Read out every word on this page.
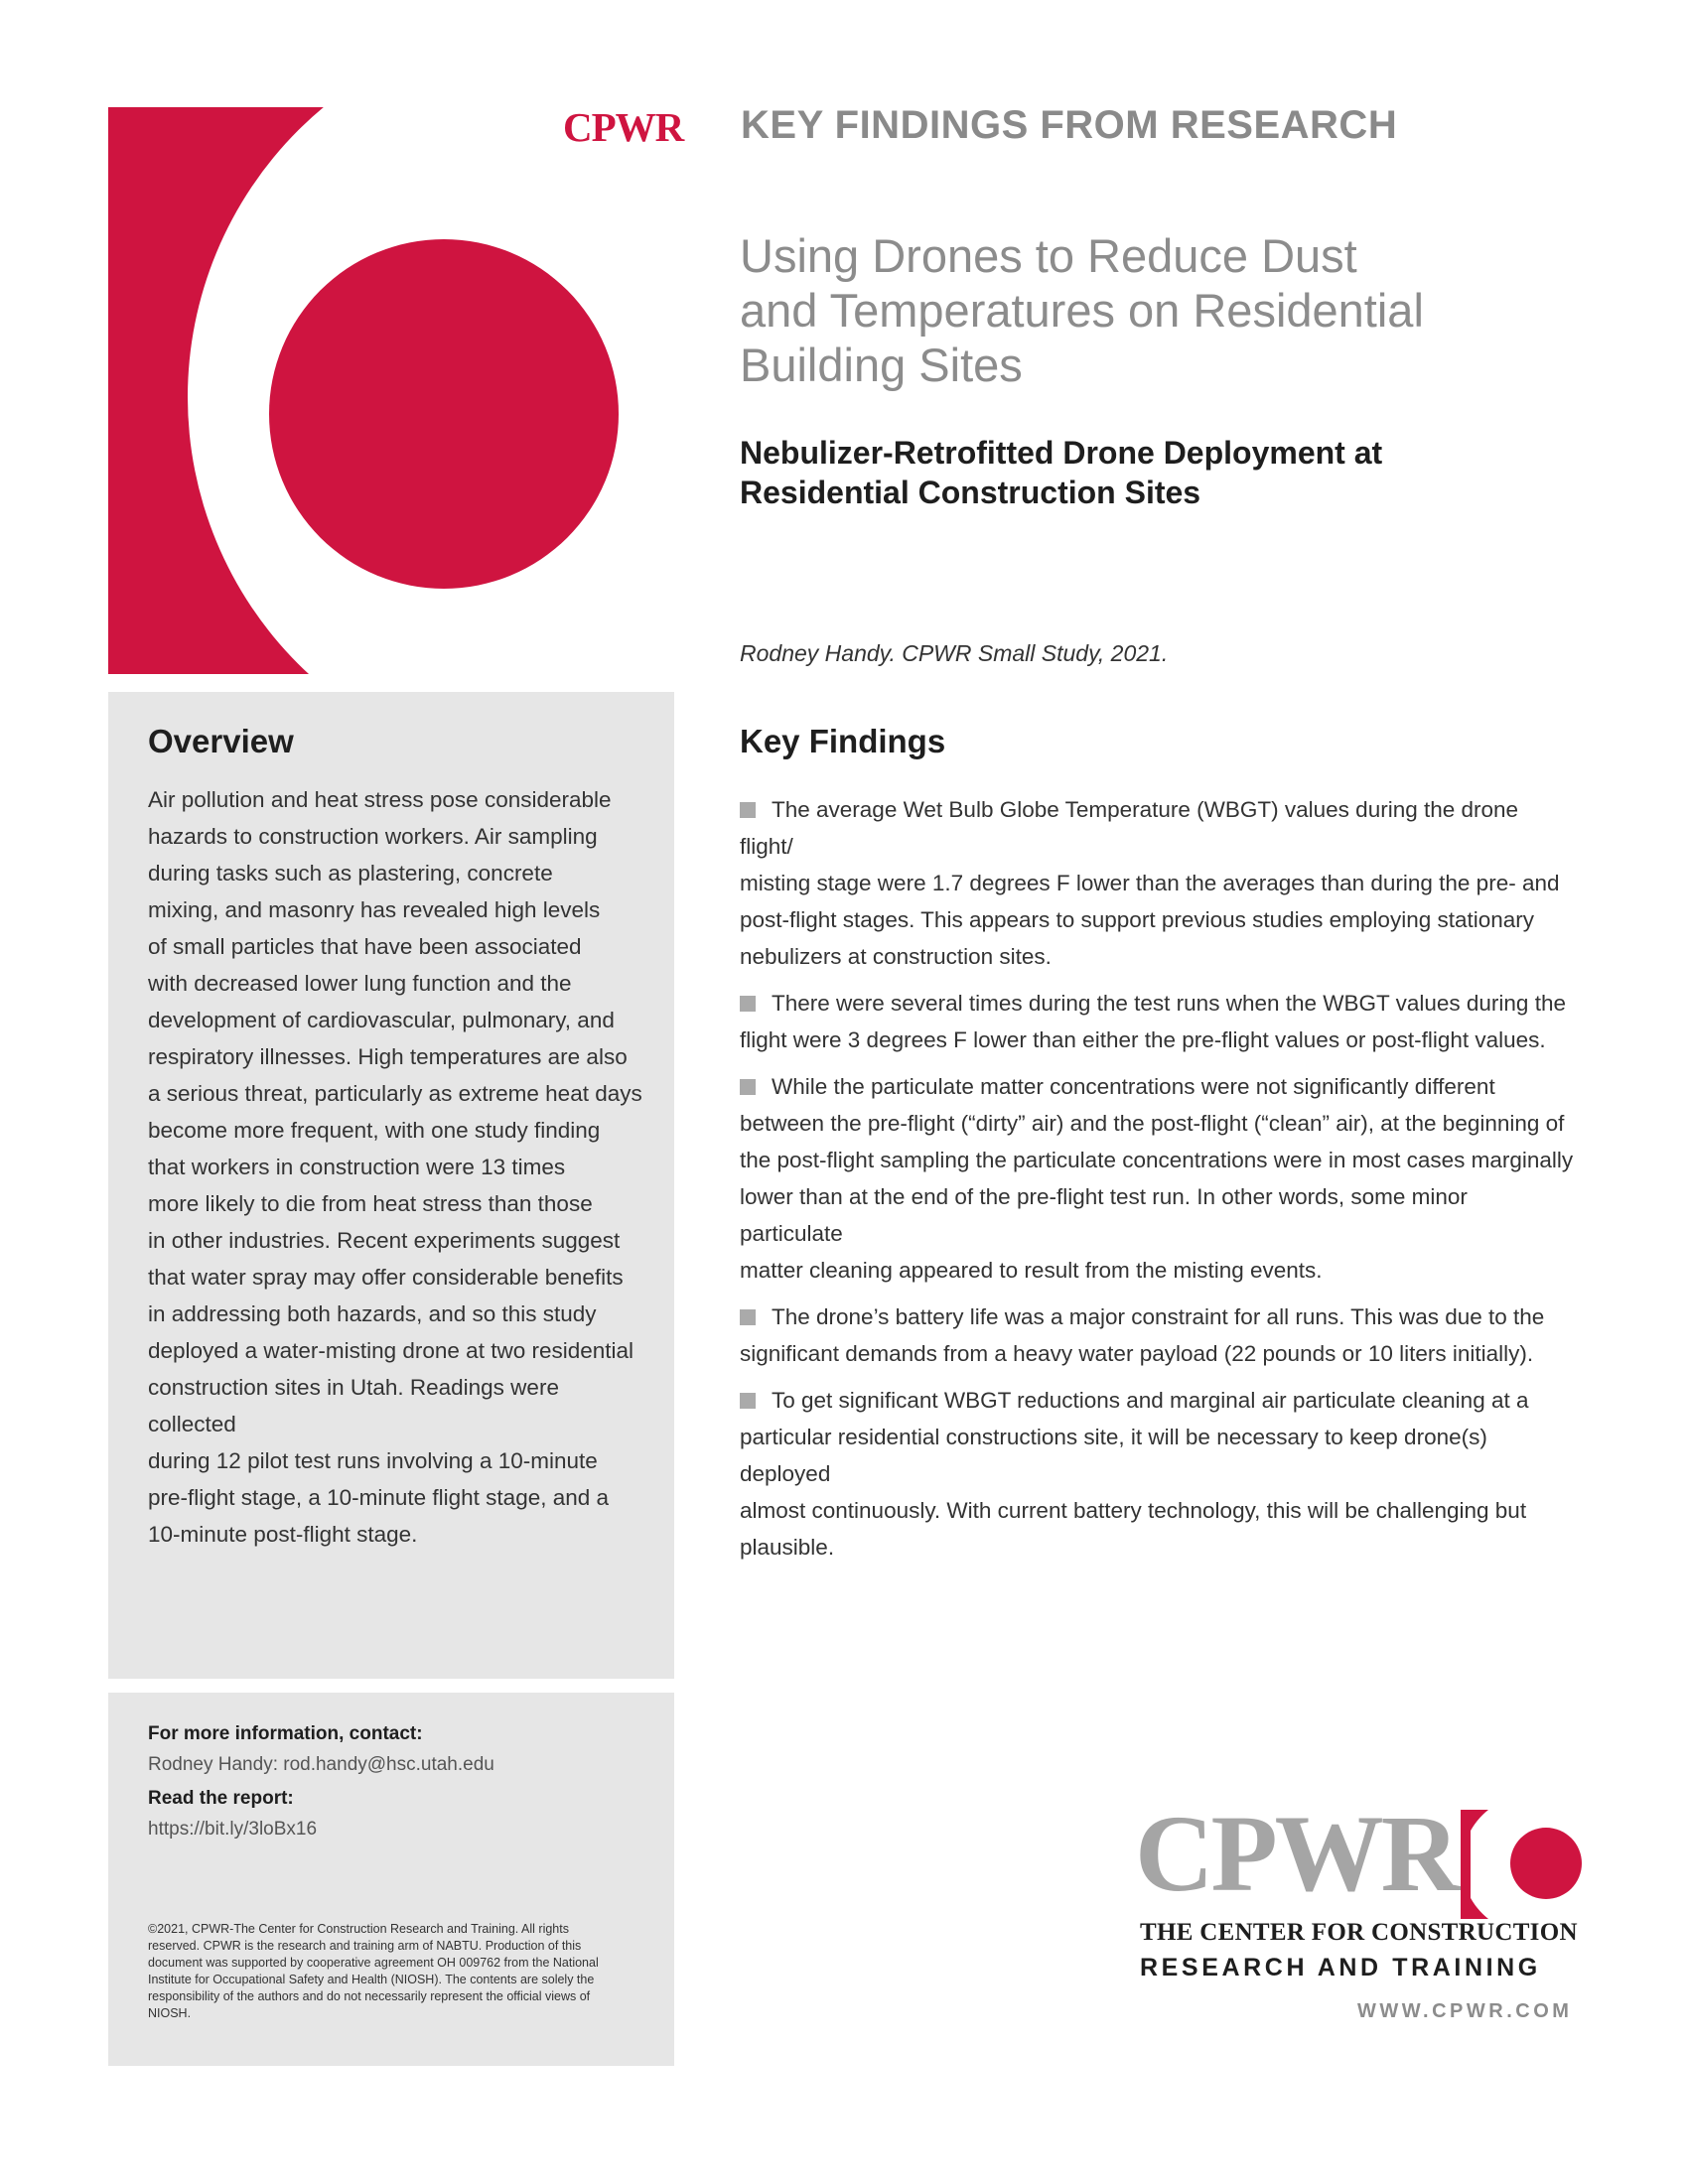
CPWR KEY FINDINGS FROM RESEARCH
Using Drones to Reduce Dust
and Temperatures on Residential
Building Sites
Nebulizer-Retrofitted Drone Deployment at
Residential Construction Sites
Rodney Handy. CPWR Small Study, 2021.
Overview
Air pollution and heat stress pose considerable
hazards to construction workers. Air sampling
during tasks such as plastering, concrete
mixing, and masonry has revealed high levels
of small particles that have been associated
with decreased lower lung function and the
development of cardiovascular, pulmonary, and
respiratory illnesses. High temperatures are also
a serious threat, particularly as extreme heat days
become more frequent, with one study finding
that workers in construction were 13 times
more likely to die from heat stress than those
in other industries. Recent experiments suggest
that water spray may offer considerable benefits
in addressing both hazards, and so this study
deployed a water-misting drone at two residential
construction sites in Utah. Readings were collected
during 12 pilot test runs involving a 10-minute
pre-flight stage, a 10-minute flight stage, and a
10-minute post-flight stage.
Key Findings
The average Wet Bulb Globe Temperature (WBGT) values during the drone flight/
misting stage were 1.7 degrees F lower than the averages than during the pre- and
post-flight stages. This appears to support previous studies employing stationary
nebulizers at construction sites.
There were several times during the test runs when the WBGT values during the
flight were 3 degrees F lower than either the pre-flight values or post-flight values.
While the particulate matter concentrations were not significantly different
between the pre-flight (“dirty” air) and the post-flight (“clean” air), at the beginning of
the post-flight sampling the particulate concentrations were in most cases marginally
lower than at the end of the pre-flight test run. In other words, some minor particulate
matter cleaning appeared to result from the misting events.
The drone’s battery life was a major constraint for all runs. This was due to the
significant demands from a heavy water payload (22 pounds or 10 liters initially).
To get significant WBGT reductions and marginal air particulate cleaning at a
particular residential constructions site, it will be necessary to keep drone(s) deployed
almost continuously. With current battery technology, this will be challenging but
plausible.
For more information, contact:
Rodney Handy: rod.handy@hsc.utah.edu
Read the report:
https://bit.ly/3loBx16
©2021, CPWR-The Center for Construction Research and Training. All rights
reserved. CPWR is the research and training arm of NABTU. Production of this
document was supported by cooperative agreement OH 009762 from the National
Institute for Occupational Safety and Health (NIOSH). The contents are solely the
responsibility of the authors and do not necessarily represent the official views of
NIOSH.
CPWR
THE CENTER FOR CONSTRUCTION
RESEARCH AND TRAINING
WWW.CPWR.COM
